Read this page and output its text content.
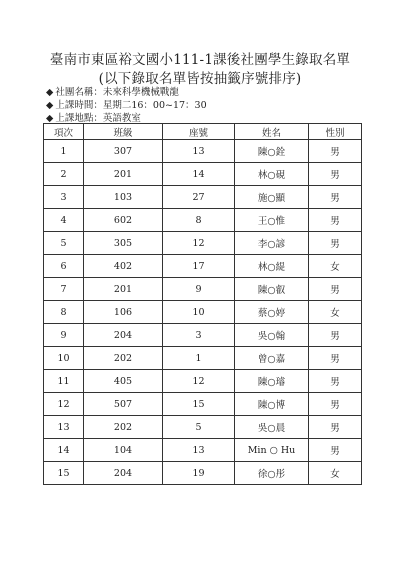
臺南市東區裕文國小111-1課後社團學生錄取名單
(以下錄取名單皆按抽籤序號排序)
◆ 社團名稱：未來科學機械戰龍
◆ 上課時間：星期二16：00~17：30
◆ 上課地點：英語教室
項次	班級	座號	姓名	性別
1	307	13	陳○銓	男
2	201	14	林○硯	男
3	103	27	施○顯	男
4	602	8	王○惟	男
5	305	12	李○諺	男
6	402	17	林○緹	女
7	201	9	陳○叡	男
8	106	10	蔡○婷	女
9	204	3	吳○翰	男
10	202	1	曾○嘉	男
11	405	12	陳○璿	男
12	507	15	陳○博	男
13	202	5	吳○晨	男
14	104	13	Min ○ Hu	男
15	204	19	徐○彤	女
